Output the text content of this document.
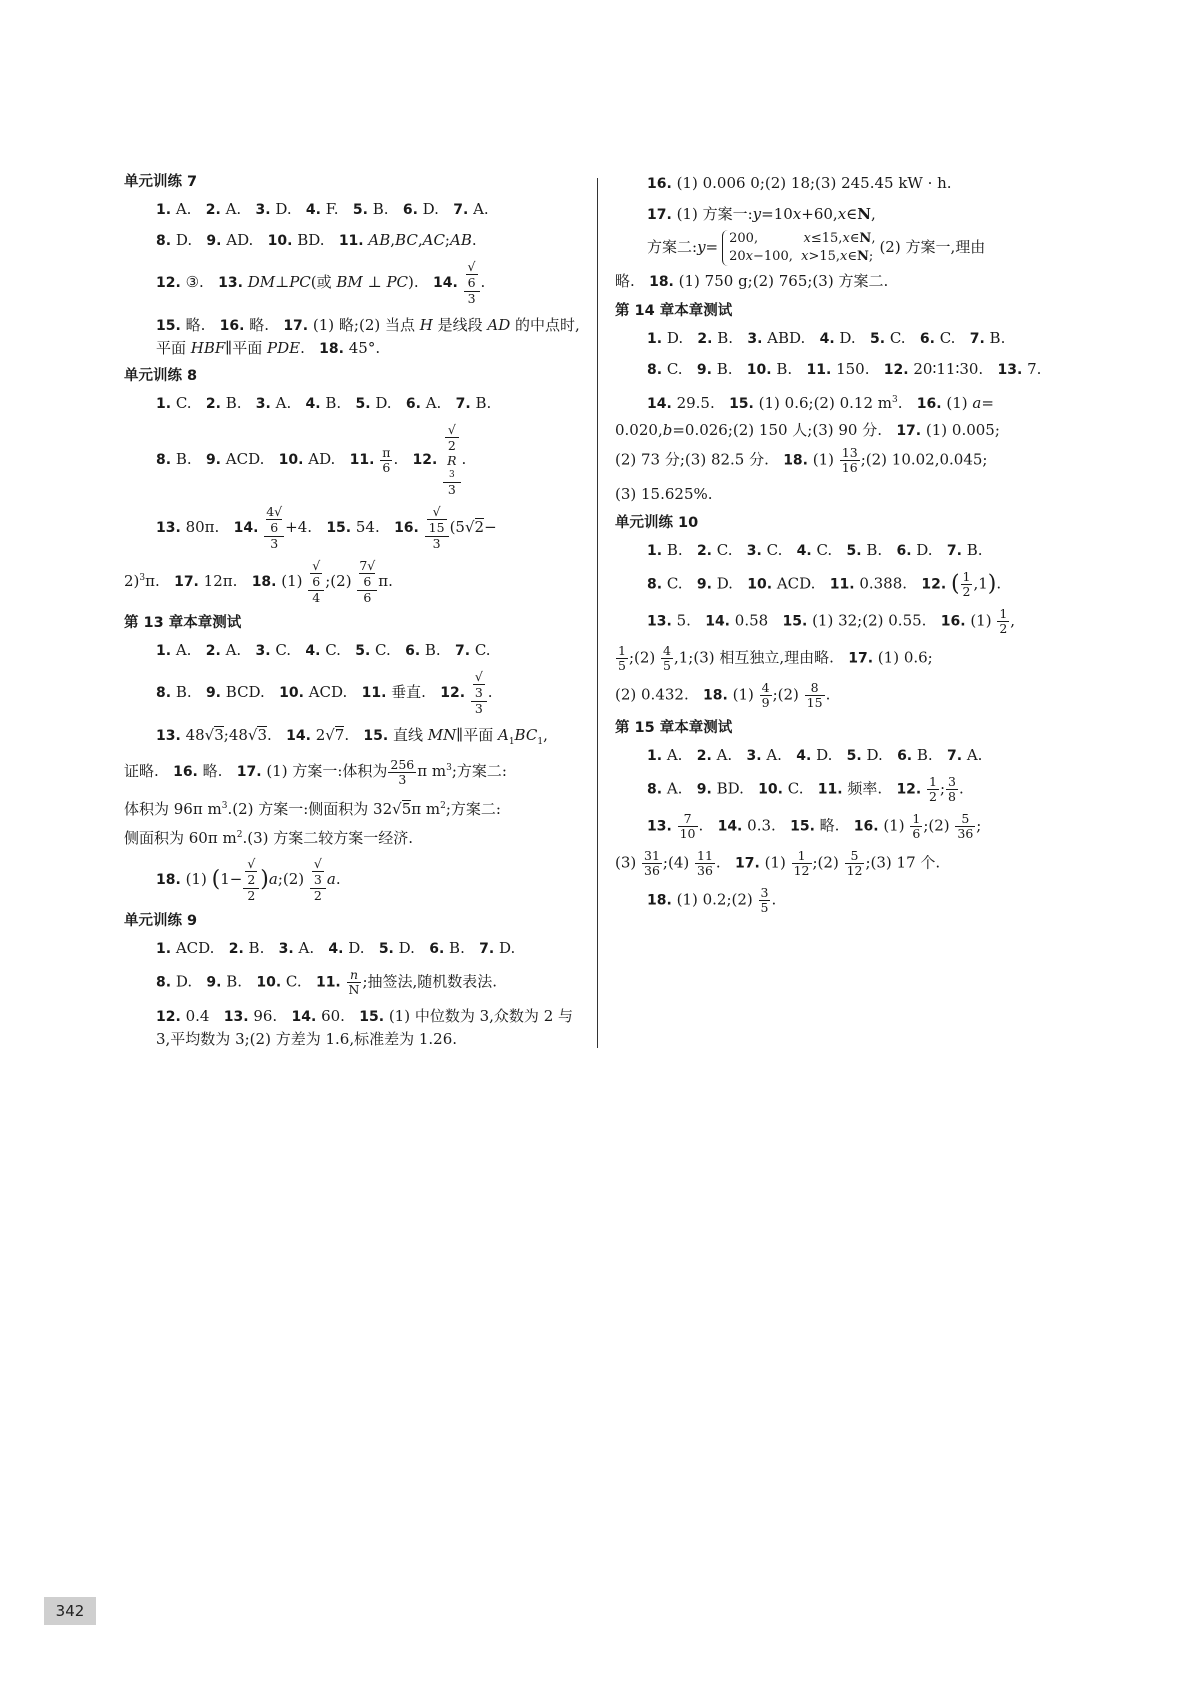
单元训练 7
1. A.   2. A.   3. D.   4. F.   5. B.   6. D.   7. A.
8. D.   9. AD.   10. BD.   11. AB,BC,AC;AB.
12. ③.   13. DM⊥PC(或 BM ⊥ PC).   14. √
6
3 .
15. 略.   16. 略.   17. (1) 略;(2) 当点 H 是线段 AD 的中点时,平面 HBF∥平面 PDE.   18. 45°.
单元训练 8
1. C.   2. B.   3. A.   4. B.   5. D.   6. A.   7. B.
8. B.   9. ACD.   10. AD.   11. $\frac{\pi}{6}$ .   12. √
2
R
3
3 .
13. 80π.   14. 4√
6
3 +4.   15. 54.   16. √
15
3 (5√2−
2)$^3$π.   17. 12π.   18. (1) √
6
4 ;(2) 7√
6
6 π.
第 13 章本章测试
1. A.   2. A.   3. C.   4. C.   5. C.   6. B.   7. C.
8. B.   9. BCD.   10. ACD.   11. 垂直.   12. √
3
3 .
13. 48√3;48√3.   14. 2√7.   15. 直线 MN∥平面 $A_1BC_1$,
证略.   16. 略.   17. (1) 方案一:体积为 $\frac{256}{3}$ π $m^3$;方案二:
体积为 96π $m^3.(2)$ 方案一:侧面积为 32√5π $m^2$;方案二:
侧面积为 60π $m^2.(3)$ 方案二较方案一经济.
18. (1) (1− √
2
2 )a;(2) √
3
2 a.
单元训练 9
1. ACD.   2. B.   3. A.   4. D.   5. D.   6. B.   7. D.
8. D.   9. B.   10. C.   11. $\frac{n}{N}$ ;抽签法,随机数表法.
12. 0.4   13. 96.   14. 60.   15. (1) 中位数为 3,众数为 2 与 3,平均数为 3;(2) 方差为 1.6,标准差为 1.26.
16. (1) 0.006 0;(2) 18;(3) 245.45 kW · h.
17. (1) 方案一:y=10x+60,x∈N,
方案二:y= 200,           x≤15,x∈N,
20x−100,  x>15,x∈N;(2) 方案一,理由
略.   18. (1) 750 g;(2) 765;(3) 方案二.
第 14 章本章测试
1. D.   2. B.   3. ABD.   4. D.   5. C.   6. C.   7. B.
8. C.   9. B.   10. B.   11. 150.   12. 20∶11∶30.   13. 7.
14. 29.5.   15. (1) 0.6;(2) 0.12 $m^3$.   16. (1) a=
0.020,b=0.026;(2) 150 人;(3) 90 分.   17. (1) 0.005;
(2) 73 分;(3) 82.5 分.   18. $(1) \frac{13}{16}$ ;(2) 10.02,0.045;
(3) 15.625%.
单元训练 10
1. B.   2. C.   3. C.   4. C.   5. B.   6. D.   7. B.
8. C.   9. D.   10. ACD.   11. 0.388.   12. ( $\frac{1}{2} ,1$).
13. 5.   14. 0.58   15. (1) 32;(2) 0.55.   16. $(1) \frac{1}{2}$ ,
$\frac{1}{5}$ ;(2) $\frac{4}{5}$ ,1;(3) 相互独立,理由略.   17. (1) 0.6;
(2) 0.432.   18. $(1) \frac{4}{9}$ ;(2) $\frac{8}{15}$ .
第 15 章本章测试
1. A.   2. A.   3. A.   4. D.   5. D.   6. B.   7. A.
8. A.   9. BD.   10. C.   11. 频率.   12. $\frac{1}{2}$ ; $\frac{3}{8}$ .
13. $\frac{7}{10}$ .   14. 0.3.   15. 略.   16. $(1) \frac{1}{6}$ ;(2) $\frac{5}{36}$ ;
$(3) \frac{31}{36}$ ;(4) $\frac{11}{36}$ .   17. $(1) \frac{1}{12}$ ;(2) $\frac{5}{12}$ ;(3) 17 个.
18. (1) 0.2;(2) $\frac{3}{5}$ .
342
